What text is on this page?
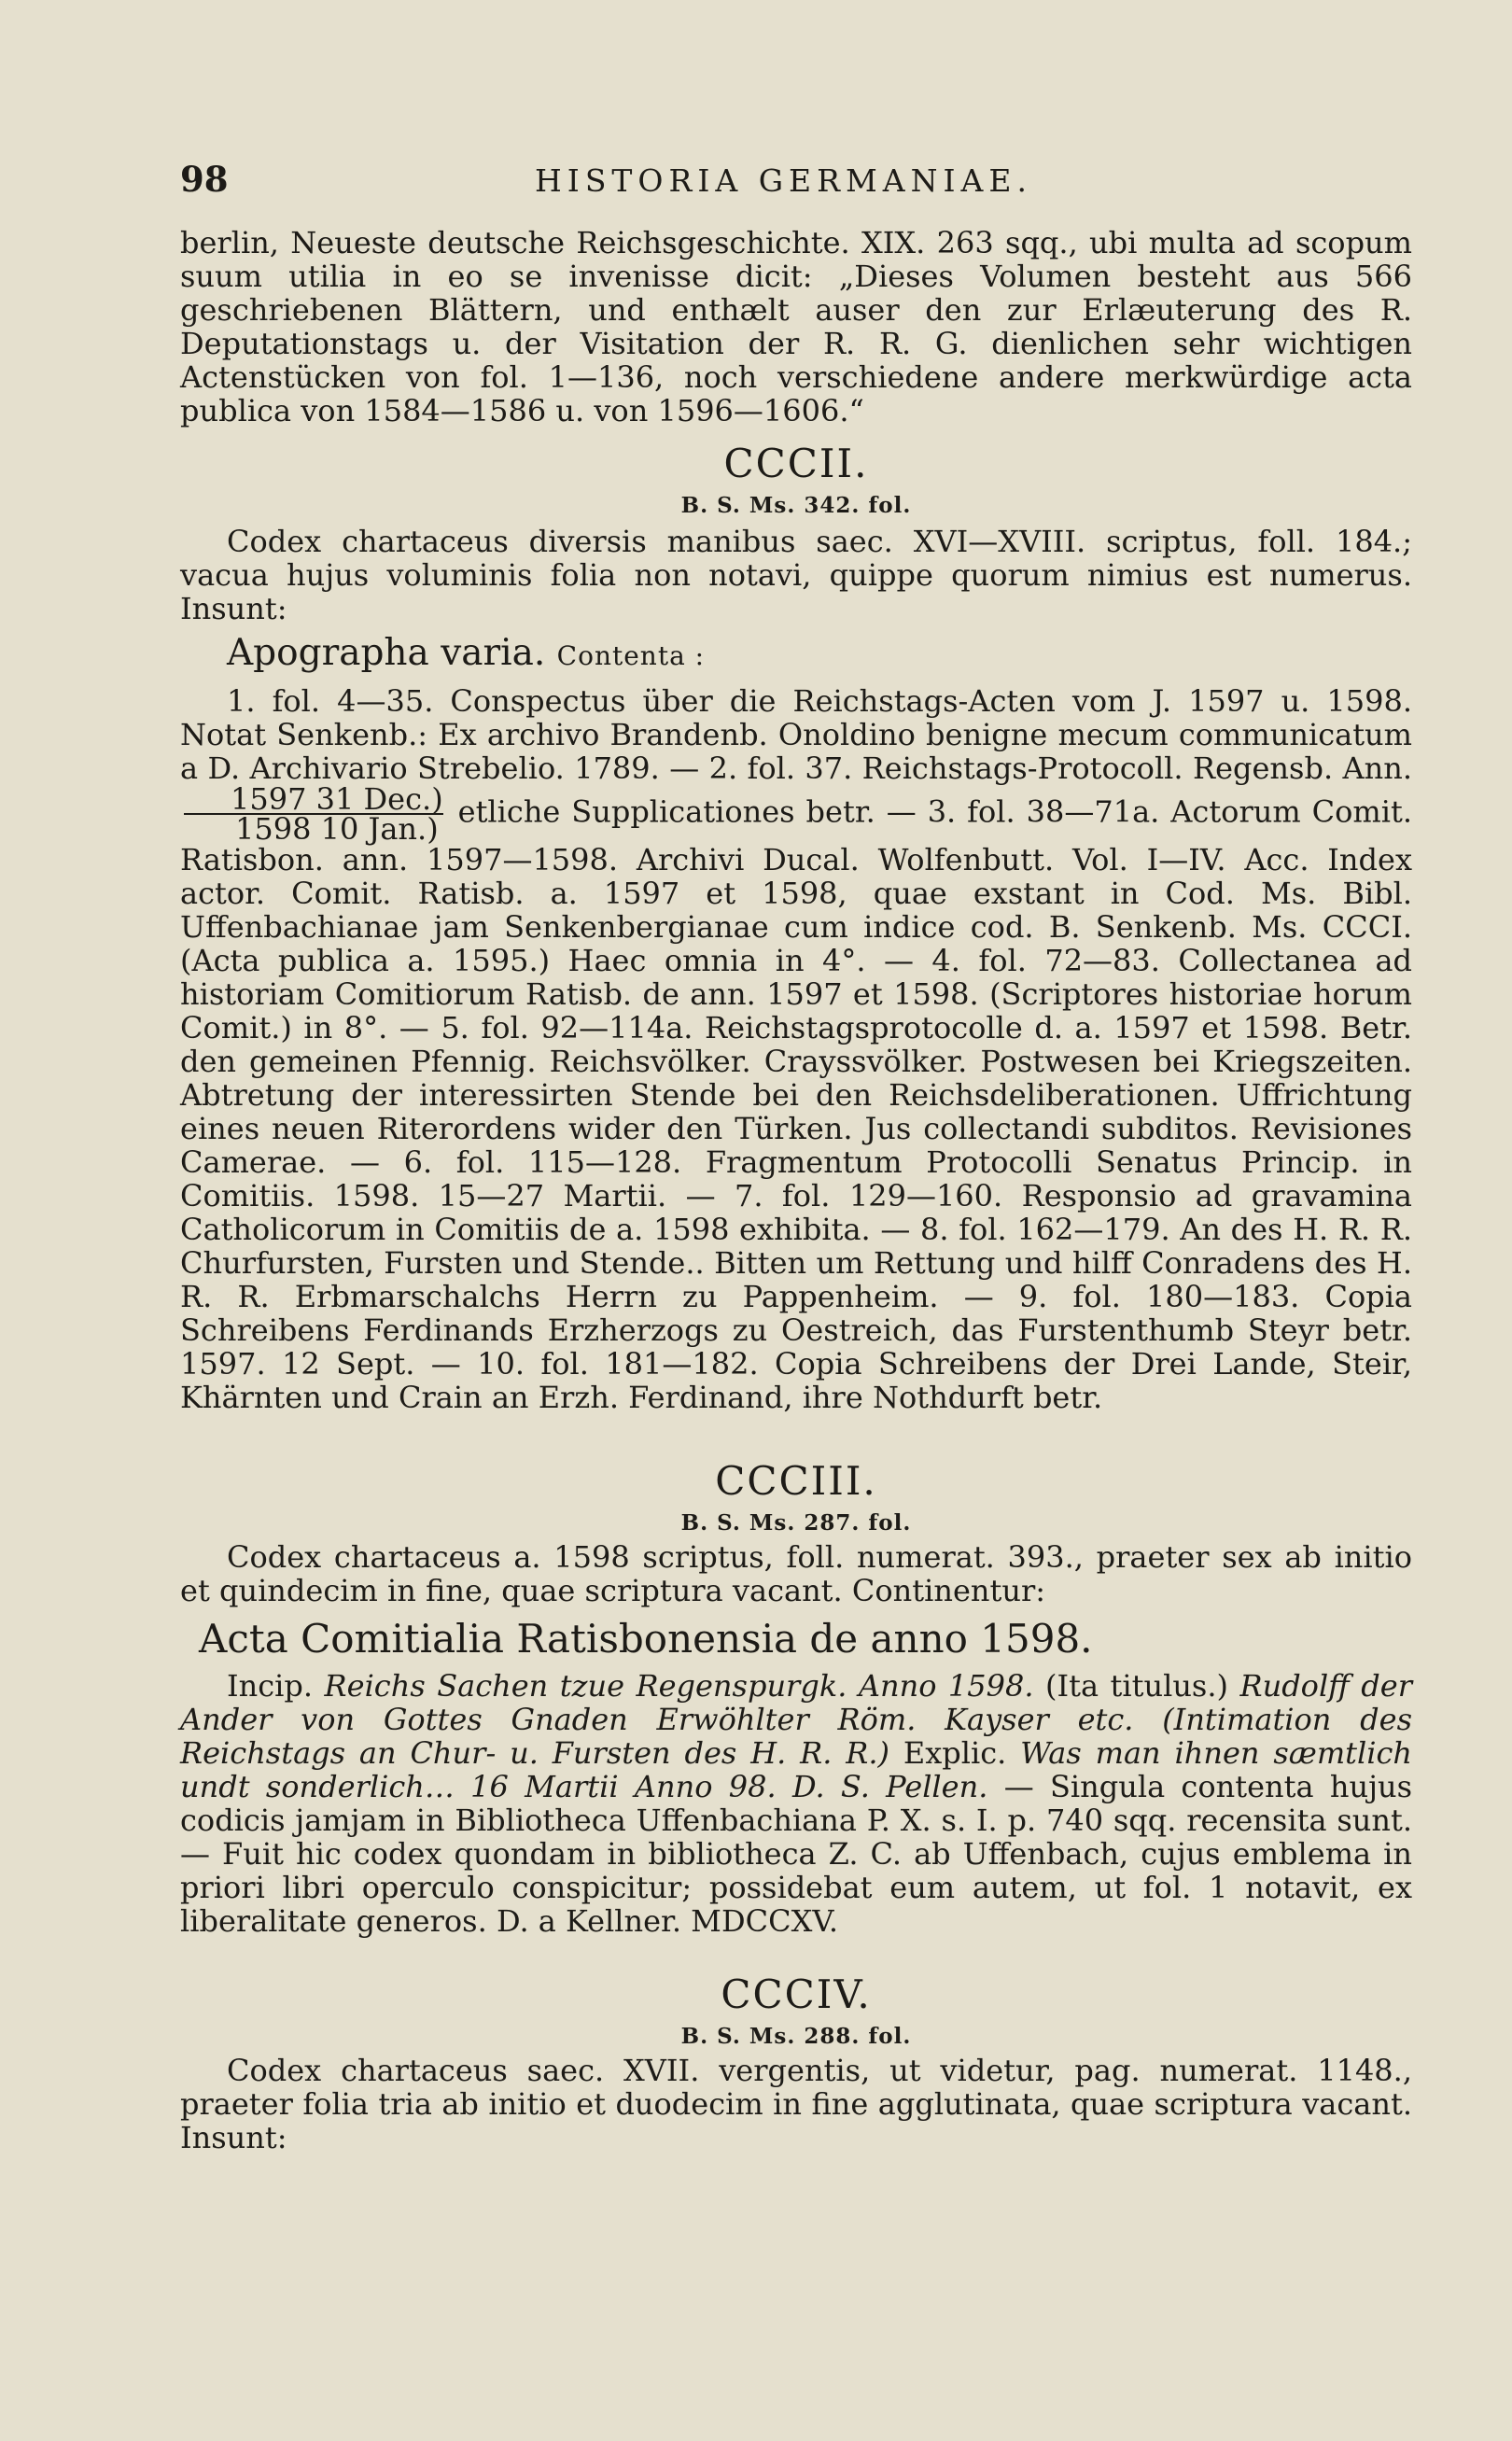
98	HISTORIA GERMANIAE.

berlin, Neueste deutsche Reichsgeschichte. XIX. 263 sqq., ubi multa ad scopum suum utilia in eo se invenisse dicit: „Dieses Volumen besteht aus 566 geschriebenen Blättern, und enthælt auser den zur Erlæuterung des R. Deputationstags u. der Visitation der R. R. G. dienlichen sehr wichtigen Actenstücken von fol. 1—136, noch verschiedene andere merkwürdige acta publica von 1584—1586 u. von 1596—1606.“

CCCII.
B. S. Ms. 342. fol.

Codex chartaceus diversis manibus saec. XVI—XVIII. scriptus, foll. 184.; vacua hujus voluminis folia non notavi, quippe quorum nimius est numerus. Insunt:

Apographa varia. Contenta :

1. fol. 4—35. Conspectus über die Reichstags-Acten vom J. 1597 u. 1598. Notat Senkenb.: Ex archivo Brandenb. Onoldino benigne mecum communicatum a D. Archivario Strebelio. 1789. — 2. fol. 37. Reichstags-Protocoll. Regensb. Ann.
$\frac{\text{1597 31 Dec.)}}{\text{1598 10 Jan.)}}$ etliche Supplicationes betr. — 3. fol. 38—71a. Actorum Comit. Ratisbon. ann. 1597—1598. Archivi Ducal. Wolfenbutt. Vol. I—IV. Acc. Index actor. Comit. Ratisb. a. 1597 et 1598, quae exstant in Cod. Ms. Bibl. Uffenbachianae jam Senkenbergianae cum indice cod. B. Senkenb. Ms. CCCI. (Acta publica a. 1595.) Haec omnia in 4°. — 4. fol. 72—83. Collectanea ad historiam Comitiorum Ratisb. de ann. 1597 et 1598. (Scriptores historiae horum Comit.) in 8°. — 5. fol. 92—114a. Reichstagsprotocolle d. a. 1597 et 1598. Betr. den gemeinen Pfennig. Reichsvölker. Crayssvölker. Postwesen bei Kriegszeiten. Abtretung der interessirten Stende bei den Reichsdeliberationen. Uffrichtung eines neuen Riterordens wider den Türken. Jus collectandi subditos. Revisiones Camerae. — 6. fol. 115—128. Fragmentum Protocolli Senatus Princip. in Comitiis. 1598. 15—27 Martii. — 7. fol. 129—160. Responsio ad gravamina Catholicorum in Comitiis de a. 1598 exhibita. — 8. fol. 162—179. An des H. R. R. Churfursten, Fursten und Stende.. Bitten um Rettung und hilff Conradens des H. R. R. Erbmarschalchs Herrn zu Pappenheim. — 9. fol. 180—183. Copia Schreibens Ferdinands Erzherzogs zu Oestreich, das Furstenthumb Steyr betr. 1597. 12 Sept. — 10. fol. 181—182. Copia Schreibens der Drei Lande, Steir, Khärnten und Crain an Erzh. Ferdinand, ihre Nothdurft betr.

CCCIII.
B. S. Ms. 287. fol.

Codex chartaceus a. 1598 scriptus, foll. numerat. 393., praeter sex ab initio et quindecim in fine, quae scriptura vacant. Continentur:

Acta Comitialia Ratisbonensia de anno 1598.

Incip. Reichs Sachen tzue Regenspurgk. Anno 1598. (Ita titulus.) Rudolff der Ander von Gottes Gnaden Erwöhlter Röm. Kayser etc. (Intimation des Reichstags an Chur- u. Fursten des H. R. R.) Explic. Was man ihnen sæmtlich undt sonderlich… 16 Martii Anno 98. D. S. Pellen. — Singula contenta hujus codicis jamjam in Bibliotheca Uffenbachiana P. X. s. I. p. 740 sqq. recensita sunt. — Fuit hic codex quondam in bibliotheca Z. C. ab Uffenbach, cujus emblema in priori libri operculo conspicitur; possidebat eum autem, ut fol. 1 notavit, ex liberalitate generos. D. a Kellner. MDCCXV.

CCCIV.
B. S. Ms. 288. fol.

Codex chartaceus saec. XVII. vergentis, ut videtur, pag. numerat. 1148., praeter folia tria ab initio et duodecim in fine agglutinata, quae scriptura vacant. Insunt:
